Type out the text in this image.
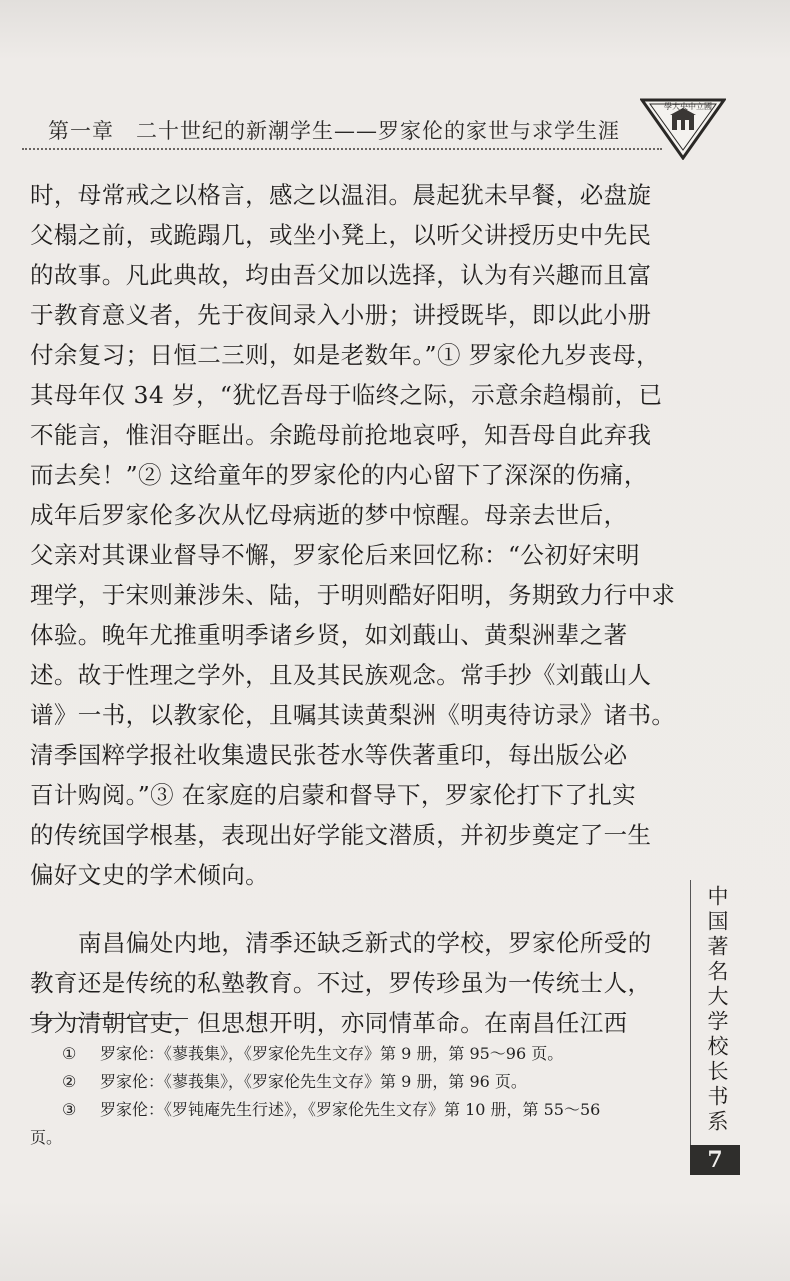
第一章 二十世纪的新潮学生——罗家伦的家世与求学生涯
學大央中立國

时，母常戒之以格言，感之以温泪。晨起犹未早餐，必盘旋

父榻之前，或跪蹋几，或坐小凳上，以听父讲授历史中先民

的故事。凡此典故，均由吾父加以选择，认为有兴趣而且富

于教育意义者，先于夜间录入小册；讲授既毕，即以此小册

付余复习；日恒二三则，如是老数年。”① 罗家伦九岁丧母，

其母年仅 34 岁，“犹忆吾母于临终之际，示意余趋榻前，已

不能言，惟泪夺眶出。余跪母前抢地哀呼，知吾母自此弃我

而去矣！”② 这给童年的罗家伦的内心留下了深深的伤痛，

成年后罗家伦多次从忆母病逝的梦中惊醒。母亲去世后，

父亲对其课业督导不懈，罗家伦后来回忆称：“公初好宋明

理学，于宋则兼涉朱、陆，于明则酷好阳明，务期致力行中求

体验。晚年尤推重明季诸乡贤，如刘蕺山、黄梨洲辈之著

述。故于性理之学外，且及其民族观念。常手抄《刘蕺山人

谱》一书，以教家伦，且嘱其读黄梨洲《明夷待访录》诸书。

清季国粹学报社收集遗民张苍水等佚著重印，每出版公必

百计购阅。”③ 在家庭的启蒙和督导下，罗家伦打下了扎实

的传统国学根基，表现出好学能文潜质，并初步奠定了一生

偏好文史的学术倾向。

南昌偏处内地，清季还缺乏新式的学校，罗家伦所受的

教育还是传统的私塾教育。不过，罗传珍虽为一传统士人，

身为清朝官吏，但思想开明，亦同情革命。在南昌任江西

① 罗家伦：《蓼莪集》，《罗家伦先生文存》第 9 册，第 95～96 页。
② 罗家伦：《蓼莪集》，《罗家伦先生文存》第 9 册，第 96 页。
③ 罗家伦：《罗钝庵先生行述》，《罗家伦先生文存》第 10 册，第 55～56
页。
中国著名大学校长书系
7
